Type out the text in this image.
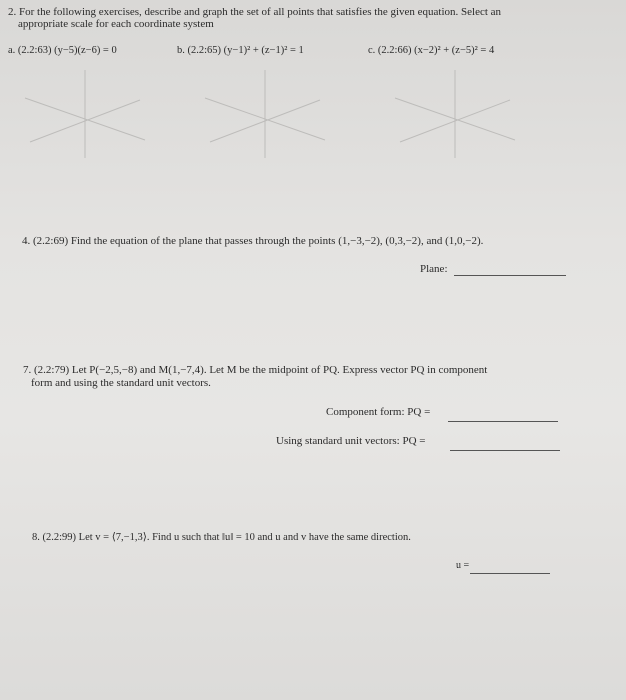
2. For the following exercises, describe and graph the set of all points that satisfies the given equation. Select an
appropriate scale for each coordinate system
a. (2.2:63) (y−5)(z−6) = 0	b. (2.2:65) (y−1)² + (z−1)² = 1	c. (2.2:66) (x−2)² + (z−5)² = 4
4. (2.2:69) Find the equation of the plane that passes through the points (1,−3,−2), (0,3,−2), and (1,0,−2).
Plane:
7. (2.2:79) Let P(−2,5,−8) and M(1,−7,4). Let M be the midpoint of PQ. Express vector PQ in component
form and using the standard unit vectors.
Component form: PQ =
Using standard unit vectors: PQ =
8. (2.2:99) Let v = ⟨7,−1,3⟩. Find u such that ‖u‖ = 10 and u and v have the same direction.
u =
